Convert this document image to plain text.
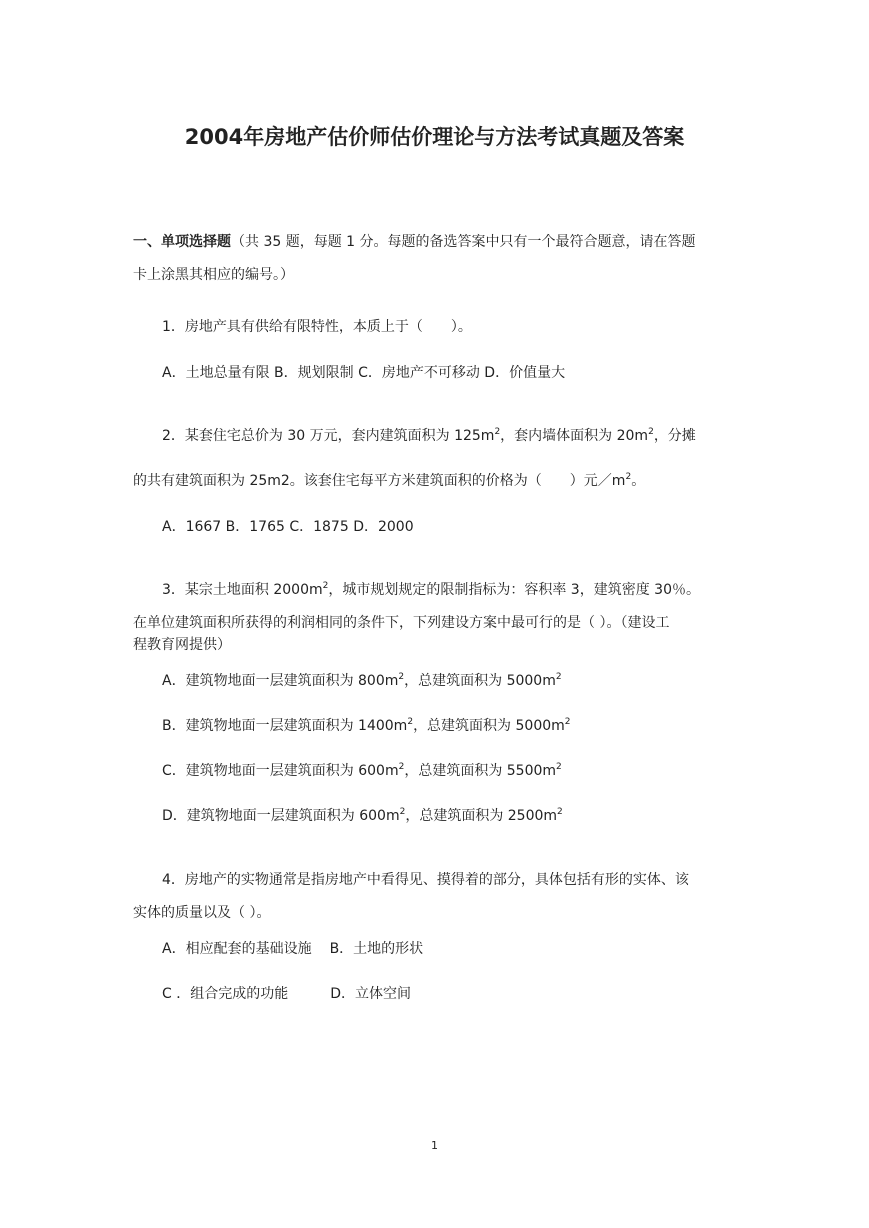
2004年房地产估价师估价理论与方法考试真题及答案
一、单项选择题（共 35 题，每题 1 分。每题的备选答案中只有一个最符合题意，请在答题
卡上涂黑其相应的编号。）
1．房地产具有供给有限特性，本质上于（　　）。
A．土地总量有限 B．规划限制 C．房地产不可移动 D．价值量大
2．某套住宅总价为 30 万元，套内建筑面积为 $125m^2$，套内墙体面积为 $20m^2$，分摊
的共有建筑面积为 25m2。该套住宅每平方米建筑面积的价格为（　　）元$/m^2$。
A．1667 B．1765 C．1875 D．2000
3．某宗土地面积 $2000m^2$，城市规划规定的限制指标为：容积率 3，建筑密度 30％。
在单位建筑面积所获得的利润相同的条件下，下列建设方案中最可行的是（ ）。（建设工
程教育网提供）
A．建筑物地面一层建筑面积为 $800m^2$，总建筑面积为 $5000m^2$
B．建筑物地面一层建筑面积为 $1400m^2$，总建筑面积为 $5000m^2$
C．建筑物地面一层建筑面积为 $600m^2$，总建筑面积为 $5500m^2$
D．建筑物地面一层建筑面积为 $600m^2$，总建筑面积为 $2500m^2$
4．房地产的实物通常是指房地产中看得见、摸得着的部分，具体包括有形的实体、该
实体的质量以及（ ）。
A．相应配套的基础设施 B．土地的形状
C ．组合完成的功能	D．立体空间
1
